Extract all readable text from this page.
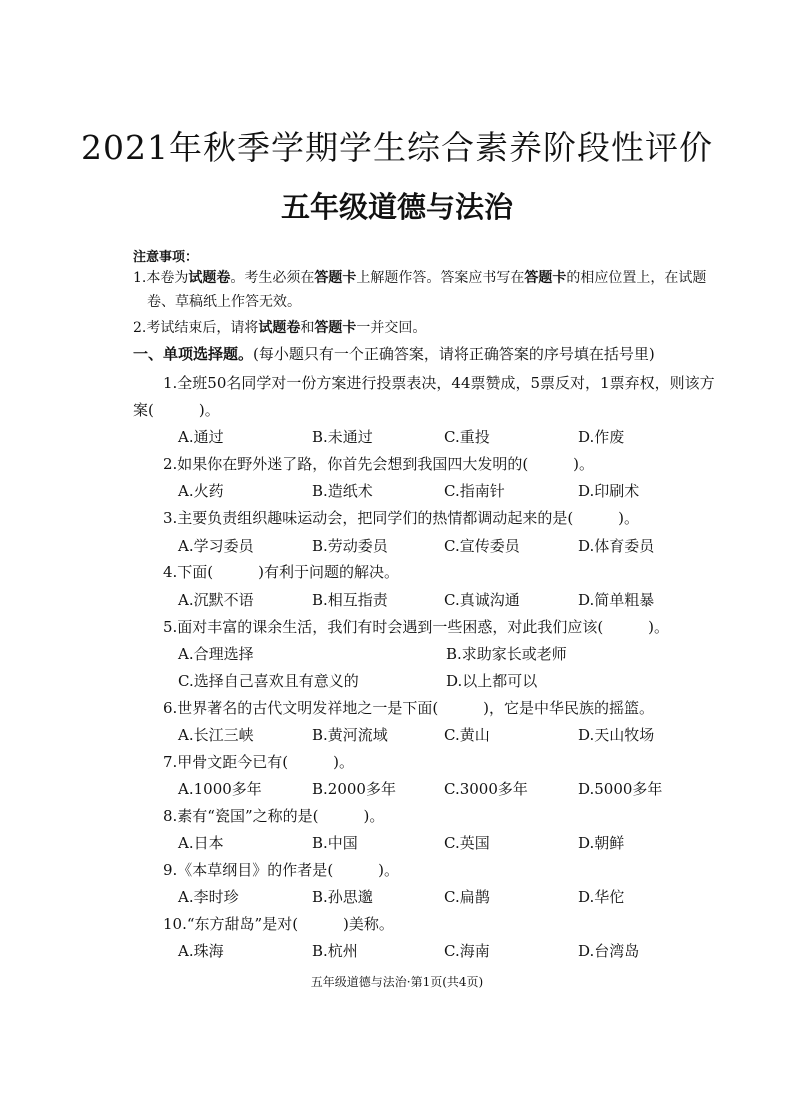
2021年秋季学期学生综合素养阶段性评价
五年级道德与法治
注意事项：
1.本卷为试题卷。考生必须在答题卡上解题作答。答案应书写在答题卡的相应位置上，在试题
卷、草稿纸上作答无效。
2.考试结束后，请将试题卷和答题卡一并交回。
一、单项选择题。(每小题只有一个正确答案，请将正确答案的序号填在括号里)
1.全班50名同学对一份方案进行投票表决，44票赞成，5票反对，1票弃权，则该方
案(　　　)。
A.通过	B.未通过	C.重投	D.作废
2.如果你在野外迷了路，你首先会想到我国四大发明的(　　　)。
A.火药	B.造纸术	C.指南针	D.印刷术
3.主要负责组织趣味运动会，把同学们的热情都调动起来的是(　　　)。
A.学习委员	B.劳动委员	C.宣传委员	D.体育委员
4.下面(　　　)有利于问题的解决。
A.沉默不语	B.相互指责	C.真诚沟通	D.简单粗暴
5.面对丰富的课余生活，我们有时会遇到一些困惑，对此我们应该(　　　)。
A.合理选择	B.求助家长或老师
C.选择自己喜欢且有意义的	D.以上都可以
6.世界著名的古代文明发祥地之一是下面(　　　)，它是中华民族的摇篮。
A.长江三峡	B.黄河流域	C.黄山	D.天山牧场
7.甲骨文距今已有(　　　)。
A.1000多年	B.2000多年	C.3000多年	D.5000多年
8.素有“瓷国”之称的是(　　　)。
A.日本	B.中国	C.英国	D.朝鲜
9.《本草纲目》的作者是(　　　)。
A.李时珍	B.孙思邈	C.扁鹊	D.华佗
10.“东方甜岛”是对(　　　)美称。
A.珠海	B.杭州	C.海南	D.台湾岛
五年级道德与法治·第1页(共4页)
